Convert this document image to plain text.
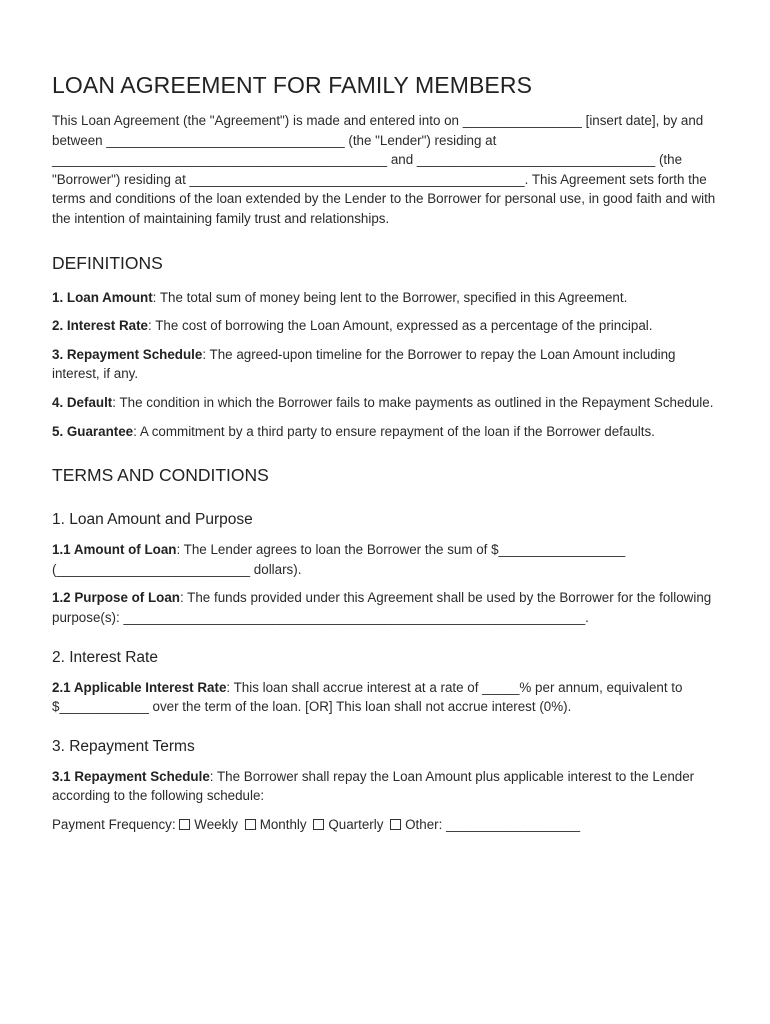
LOAN AGREEMENT FOR FAMILY MEMBERS

This Loan Agreement (the "Agreement") is made and entered into on ________________ [insert date], by and between ________________________________ (the "Lender") residing at _____________________________________________ and ________________________________ (the "Borrower") residing at _____________________________________________. This Agreement sets forth the terms and conditions of the loan extended by the Lender to the Borrower for personal use, in good faith and with the intention of maintaining family trust and relationships.

DEFINITIONS

1. Loan Amount: The total sum of money being lent to the Borrower, specified in this Agreement.

2. Interest Rate: The cost of borrowing the Loan Amount, expressed as a percentage of the principal.

3. Repayment Schedule: The agreed-upon timeline for the Borrower to repay the Loan Amount including interest, if any.

4. Default: The condition in which the Borrower fails to make payments as outlined in the Repayment Schedule.

5. Guarantee: A commitment by a third party to ensure repayment of the loan if the Borrower defaults.

TERMS AND CONDITIONS
1. Loan Amount and Purpose

1.1 Amount of Loan: The Lender agrees to loan the Borrower the sum of $_________________ (__________________________ dollars).

1.2 Purpose of Loan: The funds provided under this Agreement shall be used by the Borrower for the following purpose(s): ______________________________________________________________.

2. Interest Rate

2.1 Applicable Interest Rate: This loan shall accrue interest at a rate of _____% per annum, equivalent to $____________ over the term of the loan. [OR] This loan shall not accrue interest (0%).

3. Repayment Terms

3.1 Repayment Schedule: The Borrower shall repay the Loan Amount plus applicable interest to the Lender according to the following schedule:

Payment Frequency: Weekly Monthly Quarterly Other: __________________
